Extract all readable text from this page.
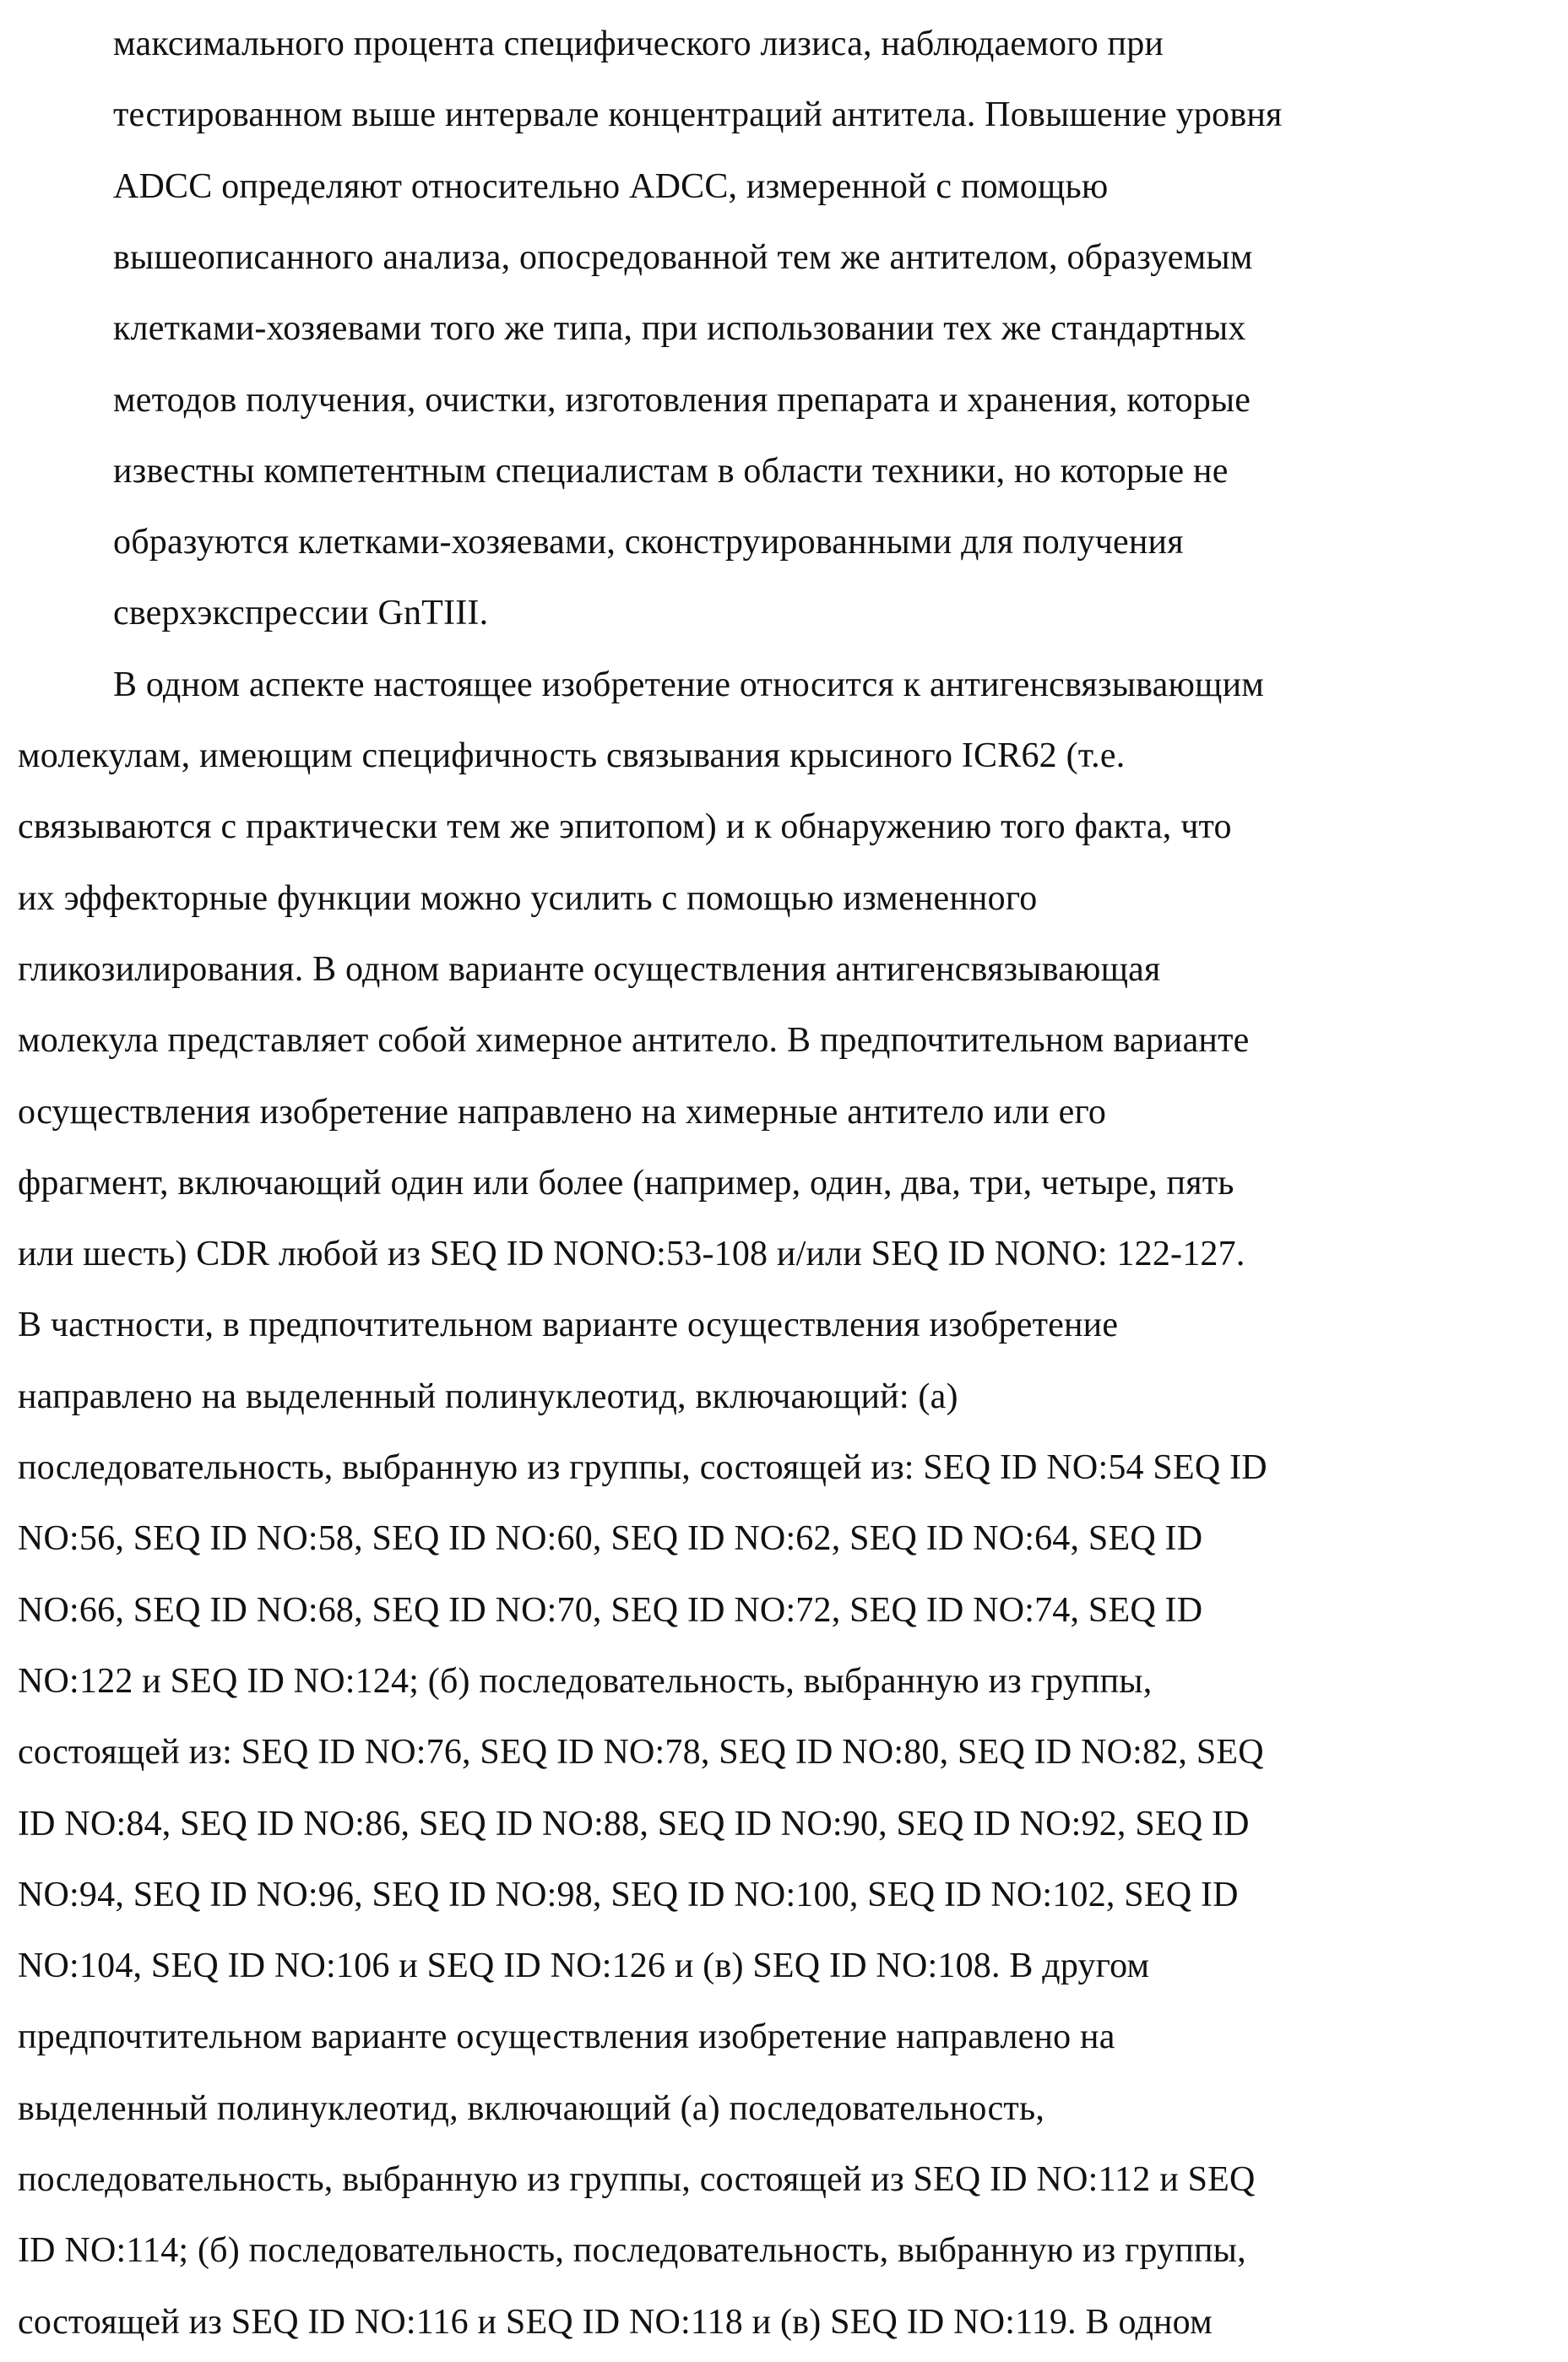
максимального процента специфического лизиса, наблюдаемого при
тестированном выше интервале концентраций антитела. Повышение уровня
ADCC определяют относительно ADCC, измеренной с помощью
вышеописанного анализа, опосредованной тем же антителом, образуемым
клетками-хозяевами того же типа, при использовании тех же стандартных
методов получения, очистки, изготовления препарата и хранения, которые
известны компетентным специалистам в области техники, но которые не
образуются клетками-хозяевами, сконструированными для получения
сверхэкспрессии GnTIII.
В одном аспекте настоящее изобретение относится к антигенсвязывающим
молекулам, имеющим специфичность связывания крысиного ICR62 (т.е.
связываются с практически тем же эпитопом) и к обнаружению того факта, что
их эффекторные функции можно усилить с помощью измененного
гликозилирования. В одном варианте осуществления антигенсвязывающая
молекула представляет собой химерное антитело. В предпочтительном варианте
осуществления изобретение направлено на химерные антитело или его
фрагмент, включающий один или более (например, один, два, три, четыре, пять
или шесть) CDR любой из SEQ ID NONO:53-108 и/или SEQ ID NONO: 122-127.
В частности, в предпочтительном варианте осуществления изобретение
направлено на выделенный полинуклеотид, включающий: (а)
последовательность, выбранную из группы, состоящей из: SEQ ID NO:54 SEQ ID
NO:56, SEQ ID NO:58, SEQ ID NO:60, SEQ ID NO:62, SEQ ID NO:64, SEQ ID
NO:66, SEQ ID NO:68, SEQ ID NO:70, SEQ ID NO:72, SEQ ID NO:74, SEQ ID
NO:122 и SEQ ID NO:124; (б) последовательность, выбранную из группы,
состоящей из: SEQ ID NO:76, SEQ ID NO:78, SEQ ID NO:80, SEQ ID NO:82, SEQ
ID NO:84, SEQ ID NO:86, SEQ ID NO:88, SEQ ID NO:90, SEQ ID NO:92, SEQ ID
NO:94, SEQ ID NO:96, SEQ ID NO:98, SEQ ID NO:100, SEQ ID NO:102, SEQ ID
NO:104, SEQ ID NO:106 и SEQ ID NO:126 и (в) SEQ ID NO:108. В другом
предпочтительном варианте осуществления изобретение направлено на
выделенный полинуклеотид, включающий (а) последовательность,
последовательность, выбранную из группы, состоящей из SEQ ID NO:112 и SEQ
ID NO:114; (б) последовательность, последовательность, выбранную из группы,
состоящей из SEQ ID NO:116 и SEQ ID NO:118 и (в) SEQ ID NO:119. В одном
